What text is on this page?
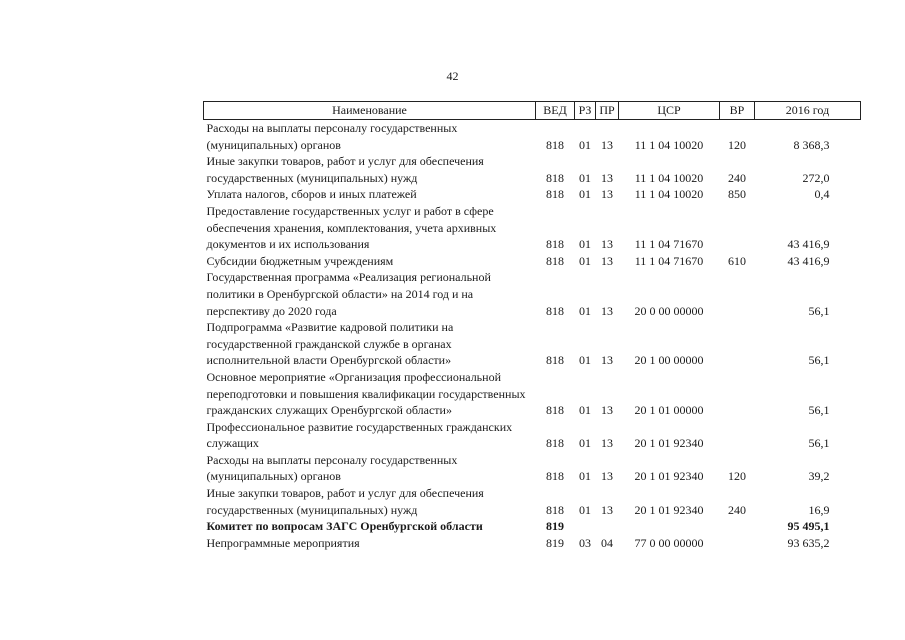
42
Наименование	ВЕД	РЗ	ПР	ЦСР	ВР	2016 год
Расходы на выплаты персоналу государственных (муниципальных) органов	818	01	13	11 1 04 10020	120	8 368,3
Иные закупки товаров, работ и услуг для обеспечения государственных (муниципальных) нужд	818	01	13	11 1 04 10020	240	272,0
Уплата налогов, сборов и иных платежей	818	01	13	11 1 04 10020	850	0,4
Предоставление государственных услуг и работ в сфере обеспечения хранения, комплектования, учета архивных документов и их использования	818	01	13	11 1 04 71670		43 416,9
Субсидии бюджетным учреждениям	818	01	13	11 1 04 71670	610	43 416,9
Государственная программа «Реализация региональной политики в Оренбургской области» на 2014 год и на перспективу до 2020 года	818	01	13	20 0 00 00000		56,1
Подпрограмма «Развитие кадровой политики на государственной гражданской службе в органах исполнительной власти Оренбургской области»	818	01	13	20 1 00 00000		56,1
Основное мероприятие «Организация профессиональной переподготовки и повышения квалификации государственных гражданских служащих Оренбургской области»	818	01	13	20 1 01 00000		56,1
Профессиональное развитие государственных гражданских служащих	818	01	13	20 1 01 92340		56,1
Расходы на выплаты персоналу государственных (муниципальных) органов	818	01	13	20 1 01 92340	120	39,2
Иные закупки товаров, работ и услуг для обеспечения государственных (муниципальных) нужд	818	01	13	20 1 01 92340	240	16,9
Комитет по вопросам ЗАГС Оренбургской области	819					95 495,1
Непрограммные мероприятия	819	03	04	77 0 00 00000		93 635,2
